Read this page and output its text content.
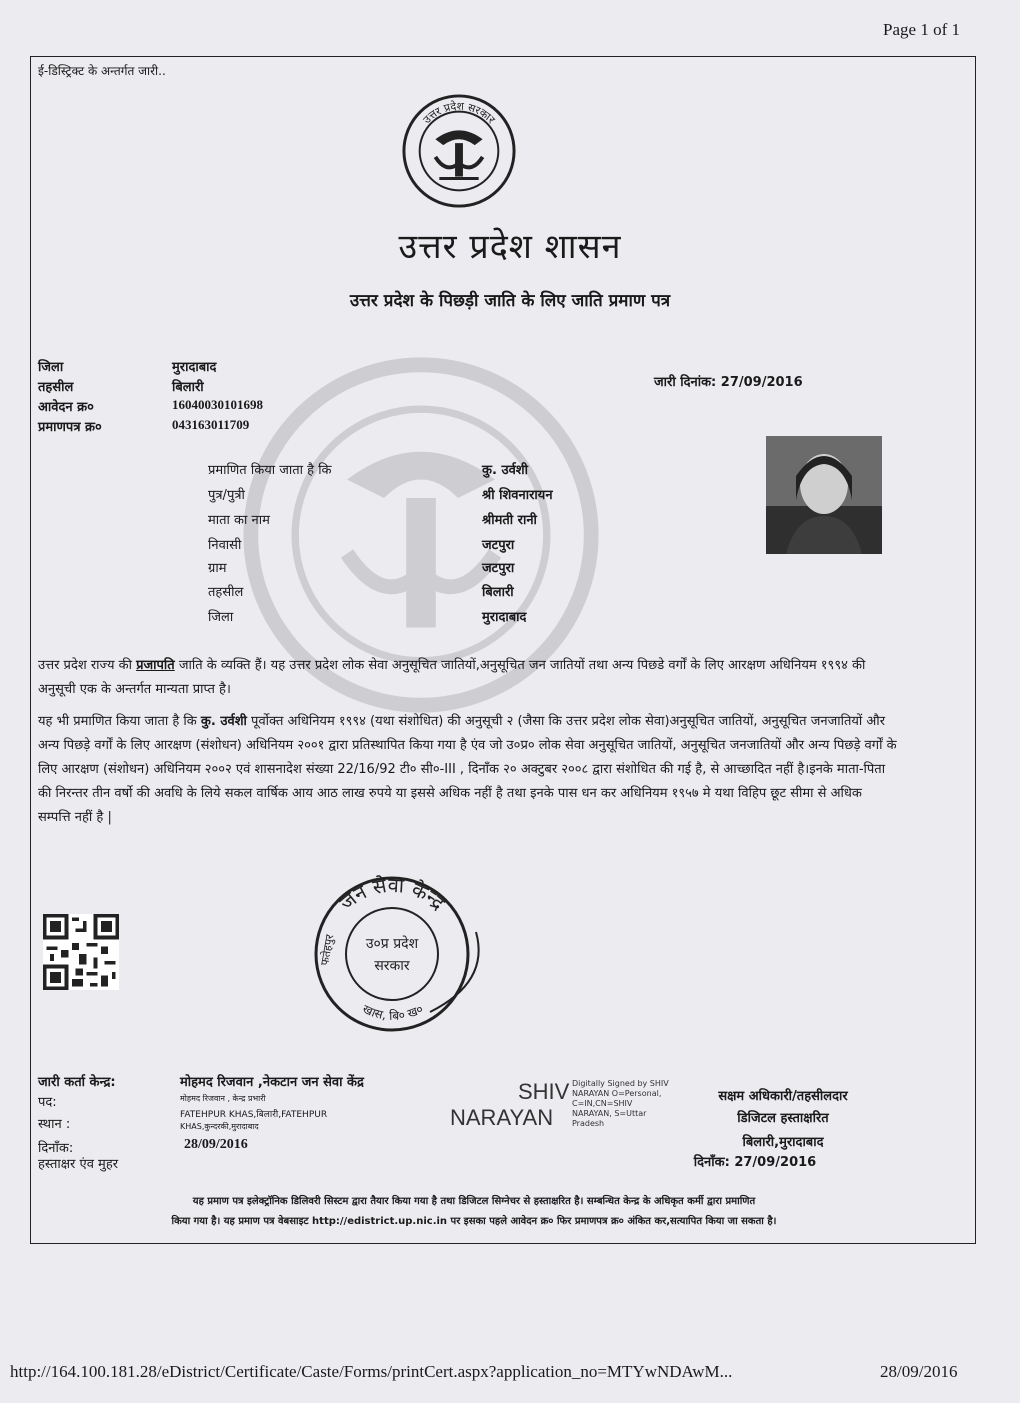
Page 1 of 1
ई-डिस्ट्रिक्ट के अन्तर्गत जारी..
उत्तर प्रदेश सरकार
उत्तर प्रदेश शासन
उत्तर प्रदेश के पिछड़ी जाति के लिए जाति प्रमाण पत्र
जिला	मुरादाबाद
तहसील	बिलारी
आवेदन क्र०	16040030101698
प्रमाणपत्र क्र०	043163011709
जारी दिनांक: 27/09/2016
प्रमाणित किया जाता है कि	कु. उर्वशी
पुत्र/पुत्री	श्री शिवनारायन
माता का नाम	श्रीमती रानी
निवासी	जटपुरा
ग्राम	जटपुरा
तहसील	बिलारी
जिला	मुरादाबाद
उत्तर प्रदेश राज्य की प्रजापति जाति के व्यक्ति हैं। यह उत्तर प्रदेश लोक सेवा अनुसूचित जातियों,अनुसूचित जन जातियों तथा अन्य पिछडे वर्गों के लिए आरक्षण अधिनियम १९९४ की अनुसूची एक के अन्तर्गत मान्यता प्राप्त है।
यह भी प्रमाणित किया जाता है कि कु. उर्वशी पूर्वोक्त अधिनियम १९९४ (यथा संशोधित) की अनुसूची २ (जैसा कि उत्तर प्रदेश लोक सेवा)अनुसूचित जातियों, अनुसूचित जनजातियों और अन्य पिछड़े वर्गों के लिए आरक्षण (संशोधन) अधिनियम २००१ द्वारा प्रतिस्थापित किया गया है एंव जो उ०प्र० लोक सेवा अनुसूचित जातियों, अनुसूचित जनजातियों और अन्य पिछड़े वर्गों के लिए आरक्षण (संशोधन) अधिनियम २००२ एवं शासनादेश संख्या 22/16/92 टी० सी०-III , दिनाँक २० अक्टुबर २००८ द्वारा संशोधित की गई है, से आच्छादित नहीं है।इनके माता-पिता की निरन्तर तीन वर्षो की अवधि के लिये सकल वार्षिक आय आठ लाख रुपये या इससे अधिक नहीं है तथा इनके पास धन कर अधिनियम १९५७ मे यथा विहिप छूट सीमा से अधिक सम्पत्ति नहीं है |
जन सेवा केन्द्र
खास, बि० ख०
फतेहपुर उ०प्र प्रदेश
सरकार
जारी कर्ता केन्द्र:	मोहमद रिजवान ,नेकटान जन सेवा केंद्र
पद:	मोहमद रिजवान , केन्द्र प्रभारी
स्थान :
FATEHPUR KHAS,बिलारी,FATEHPUR
KHAS,कुन्दरकी,मुरादाबाद
दिनाँक:	28/09/2016
हस्ताक्षर एंव मुहर
SHIV
NARAYAN
Digitally Signed by SHIV
NARAYAN O=Personal,
C=IN,CN=SHIV
NARAYAN, S=Uttar
Pradesh
सक्षम अधिकारी/तहसीलदार
डिजिटल हस्ताक्षरित
बिलारी,मुरादाबाद
दिनाँक: 27/09/2016
यह प्रमाण पत्र इलेक्ट्रॉनिक डिलिवरी सिस्टम द्वारा तैयार किया गया है तथा डिजिटल सिग्नेचर से हस्ताक्षरित है। सम्बन्धित केन्द्र के अधिकृत कर्मी द्वारा प्रमाणित
किया गया है। यह प्रमाण पत्र वेबसाइट http://edistrict.up.nic.in पर इसका पहले आवेदन क्र० फिर प्रमाणपत्र क्र० अंकित कर,सत्यापित किया जा सकता है।
http://164.100.181.28/eDistrict/Certificate/Caste/Forms/printCert.aspx?application_no=MTYwNDAwM...	28/09/2016
